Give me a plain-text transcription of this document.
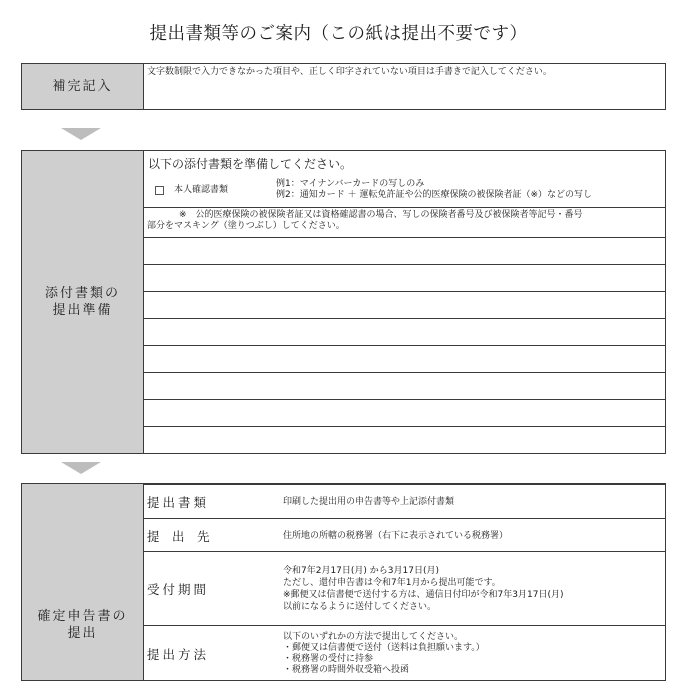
提出書類等のご案内（この紙は提出不要です）
補完記入
文字数制限で入力できなかった項目や、正しく印字されていない項目は手書きで記入してください。
添付書類の
提出準備
以下の添付書類を準備してください。
本人確認書類
例1：マイナンバーカードの写しのみ
例2：通知カード ＋ 運転免許証や公的医療保険の被保険者証（※）などの写し
※　公的医療保険の被保険者証又は資格確認書の場合、写しの保険者番号及び被保険者等記号・番号
部分をマスキング（塗りつぶし）してください。
確定申告書の
提出
提出書類	印刷した提出用の申告書等や上記添付書類
提　出　先	住所地の所轄の税務署（右下に表示されている税務署）
受付期間
令和7年2月17日(月) から3月17日(月)
ただし、還付申告書は令和7年1月から提出可能です。
※郵便又は信書便で送付する方は、通信日付印が令和7年3月17日(月)
以前になるように送付してください。
提出方法
以下のいずれかの方法で提出してください。
・郵便又は信書便で送付（送料は負担願います。）
・税務署の受付に持参
・税務署の時間外収受箱へ投函
